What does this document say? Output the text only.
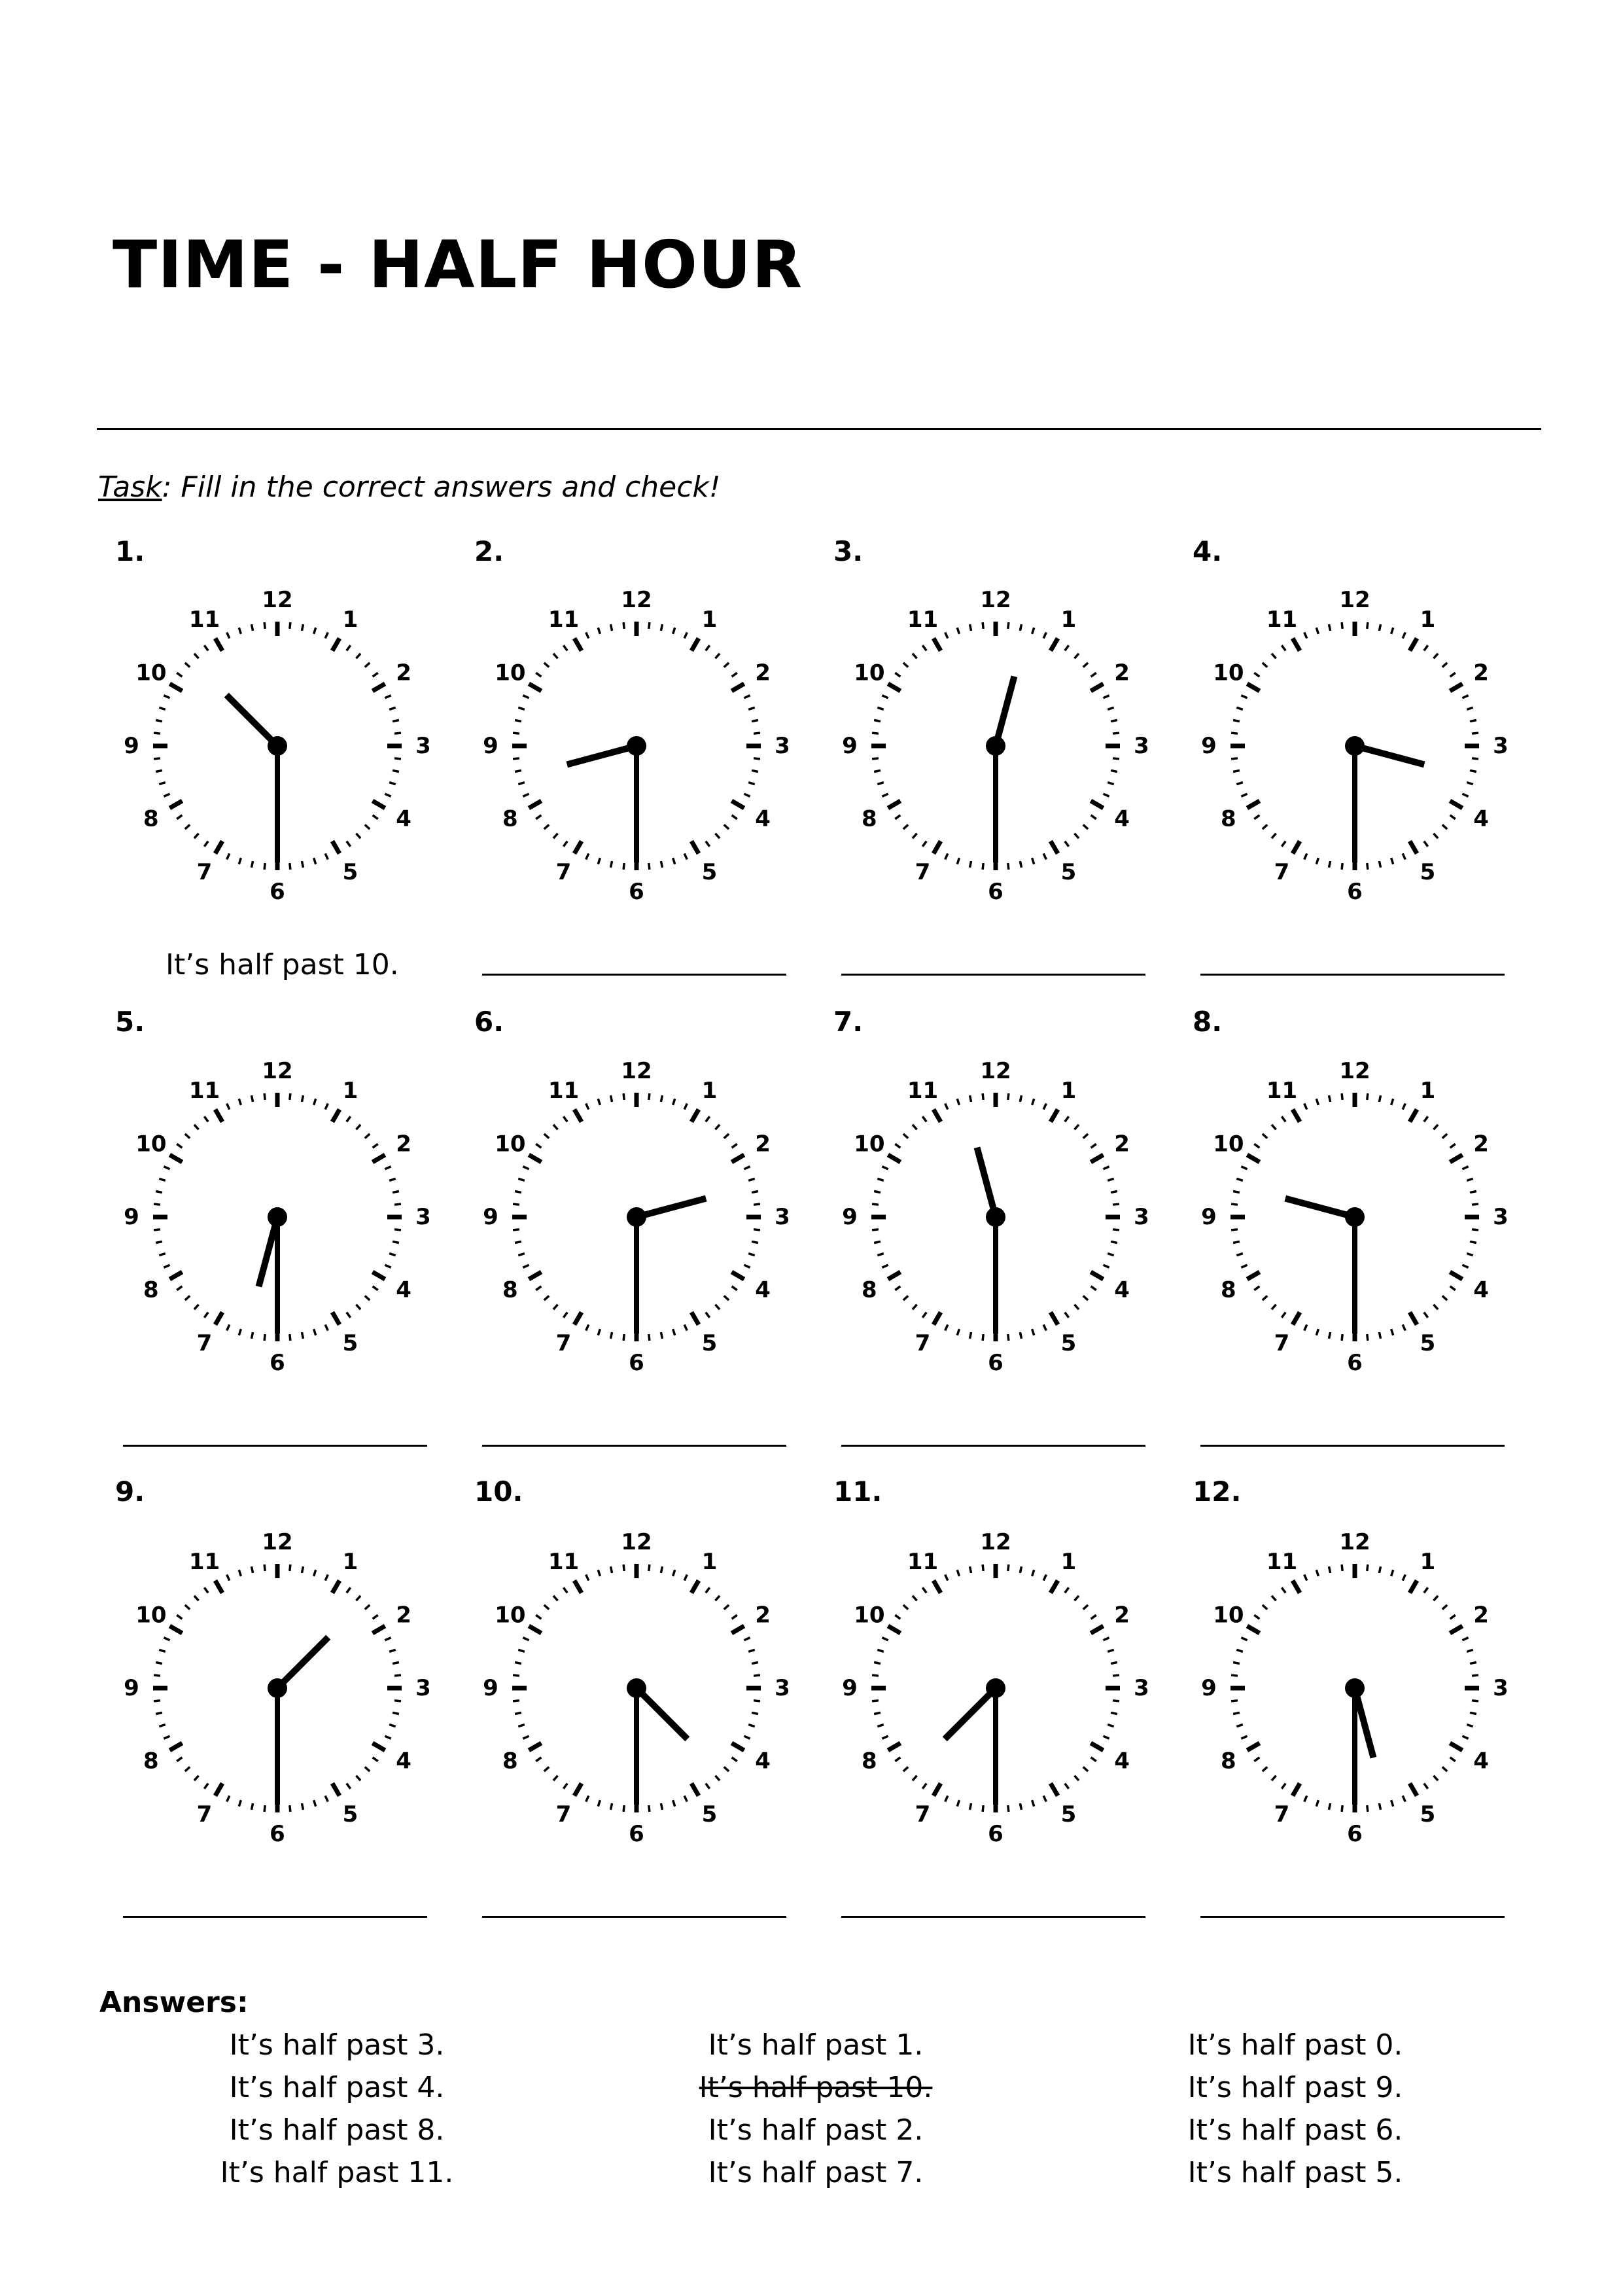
TIME - HALF HOUR
Task: Fill in the correct answers and check!
1.
12
1
2
3
4
5
6
7
8
9
10
11
2.
12
1
2
3
4
5
6
7
8
9
10
11
3.
12
1
2
3
4
5
6
7
8
9
10
11
4.
12
1
2
3
4
5
6
7
8
9
10
11
5.
12
1
2
3
4
5
6
7
8
9
10
11
6.
12
1
2
3
4
5
6
7
8
9
10
11
7.
12
1
2
3
4
5
6
7
8
9
10
11
8.
12
1
2
3
4
5
6
7
8
9
10
11
9.
12
1
2
3
4
5
6
7
8
9
10
11
10.
12
1
2
3
4
5
6
7
8
9
10
11
11.
12
1
2
3
4
5
6
7
8
9
10
11
12.
12
1
2
3
4
5
6
7
8
9
10
11
It’s half past 10.
Answers:
It’s half past 3.
It’s half past 4.
It’s half past 8.
It’s half past 11.
It’s half past 1.
It’s half past 10.
It’s half past 2.
It’s half past 7.
It’s half past 0.
It’s half past 9.
It’s half past 6.
It’s half past 5.
